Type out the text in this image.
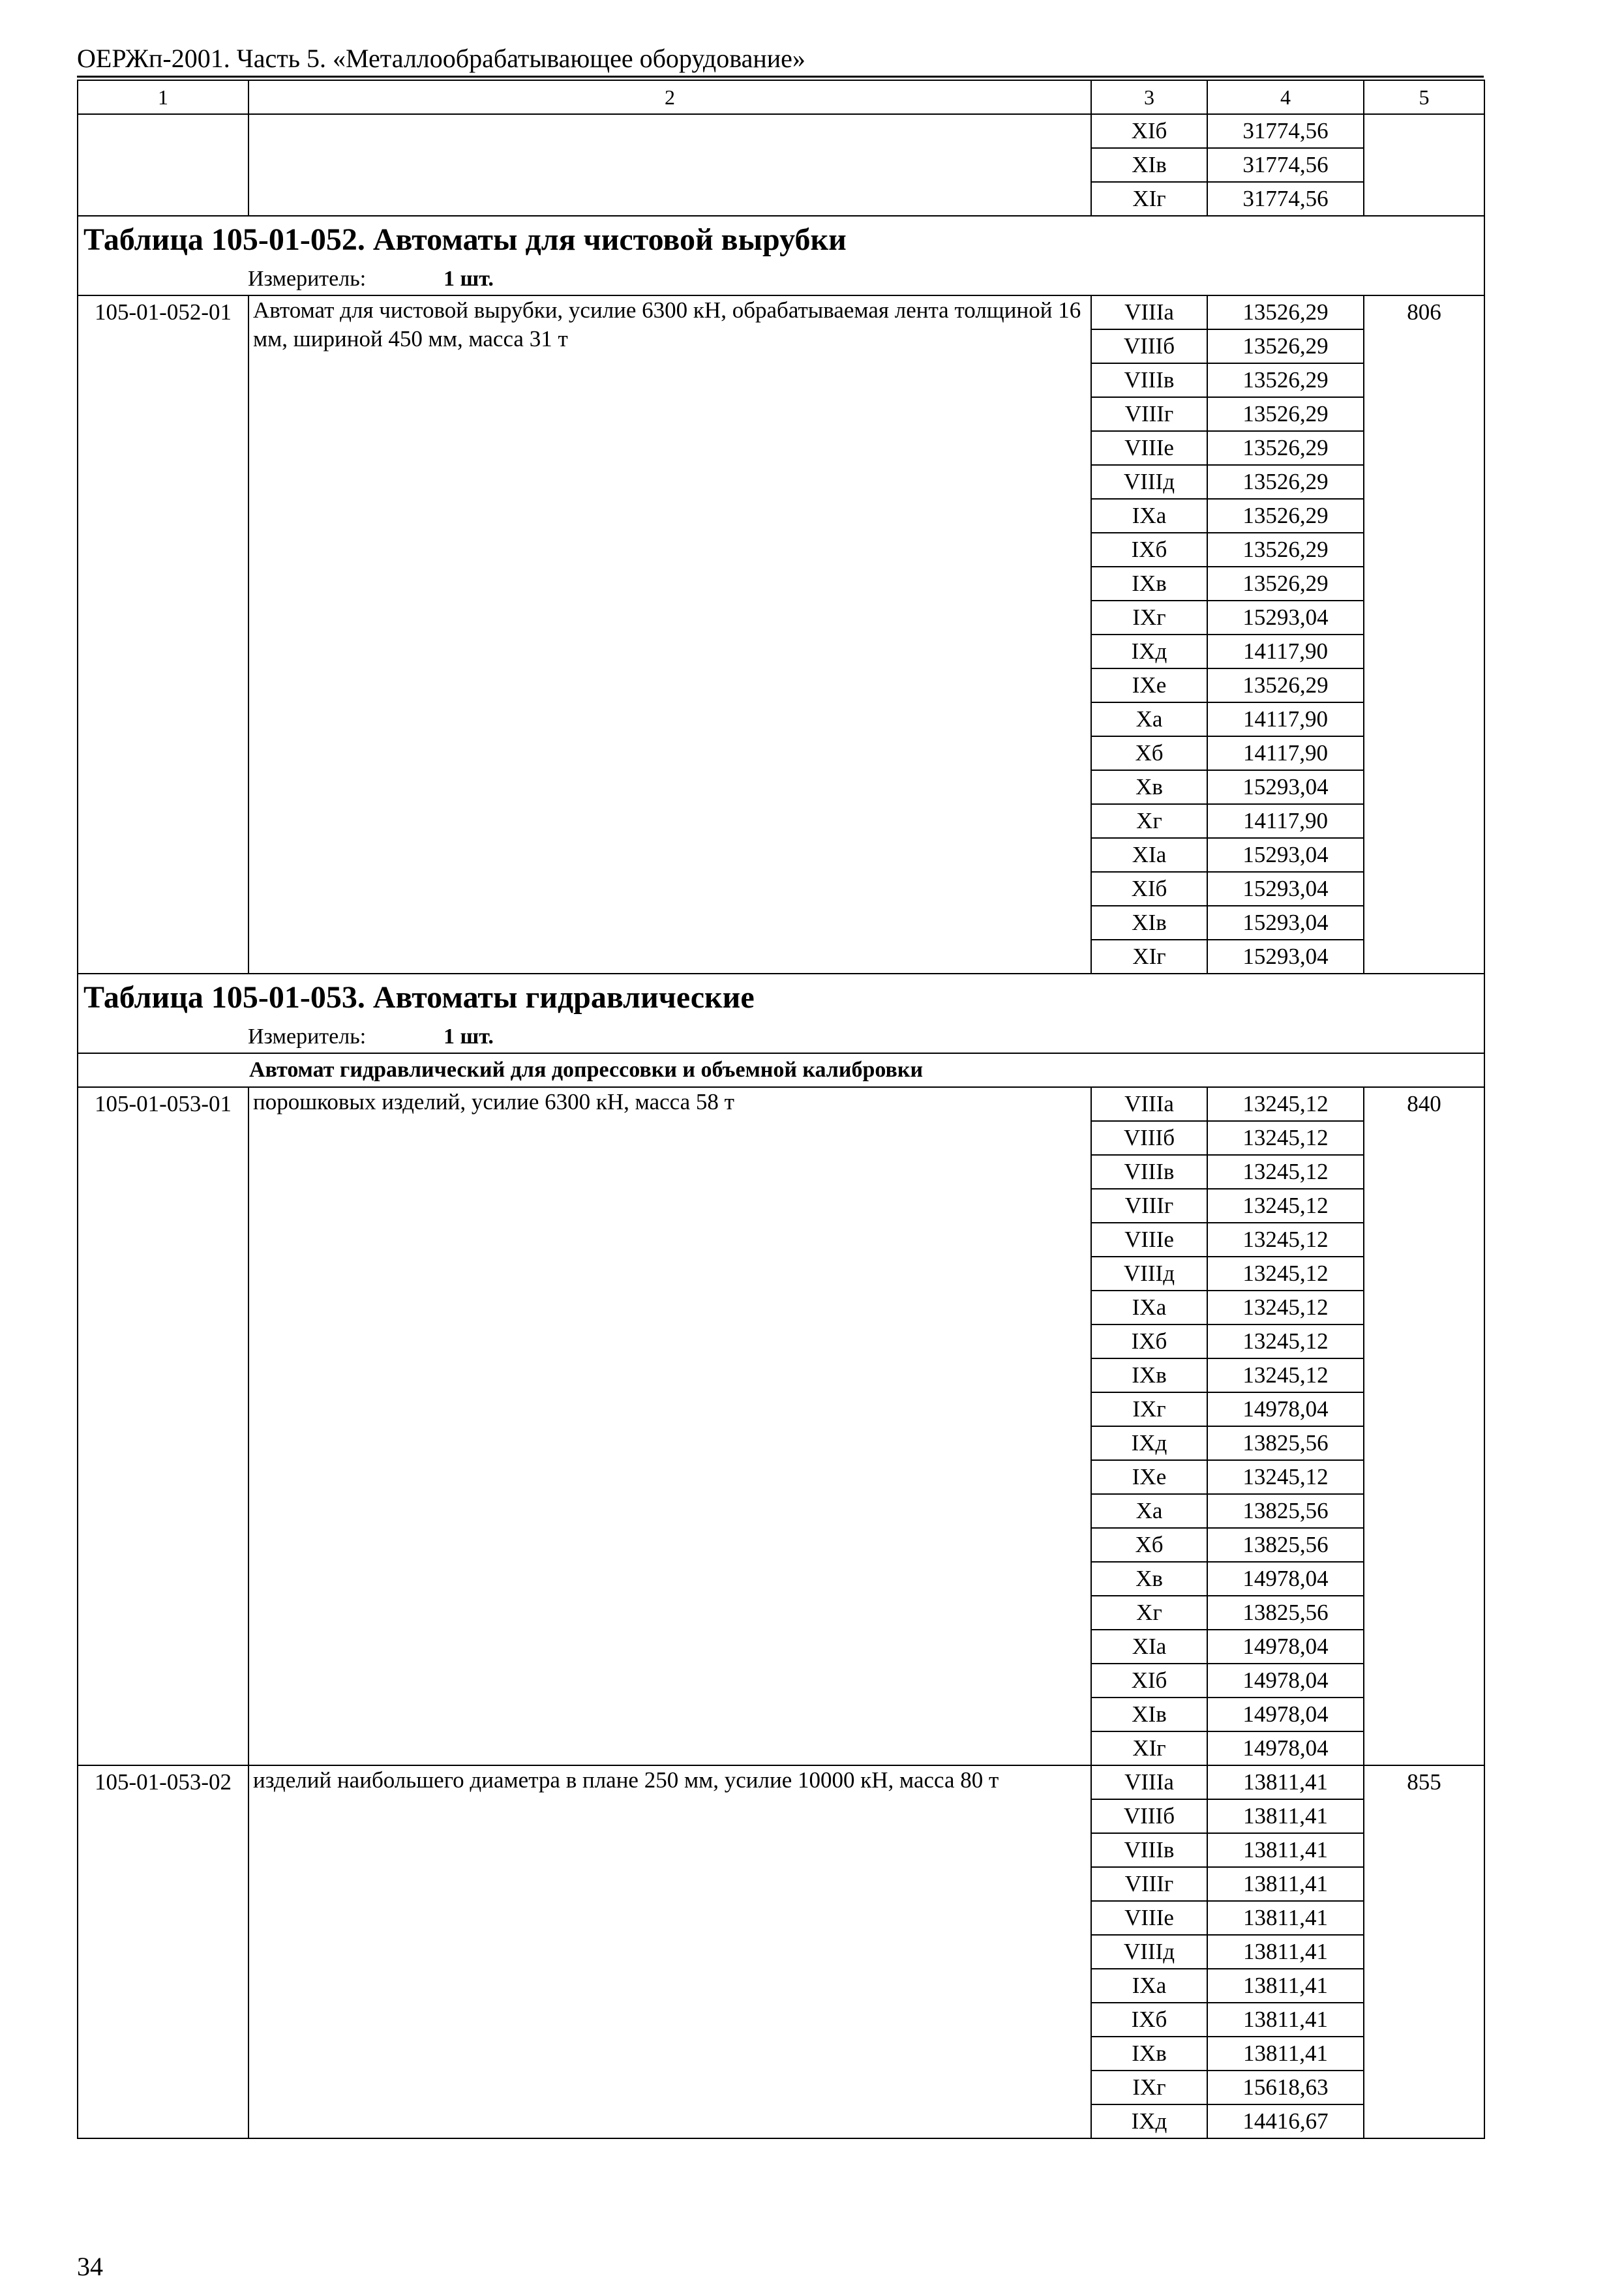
ОЕРЖп-2001. Часть 5. «Металлообрабатывающее оборудование»
1	2	3	4	5
		XIб	31774,56	
		XIв	31774,56	
		XIг	31774,56	
Таблица 105-01-052. Автоматы для чистовой вырубки				
Измеритель: 1 шт.				
105-01-052-01	Автомат для чистовой вырубки, усилие 6300 кН, обрабатываемая лента толщиной 16 мм, шириной 450 мм, масса 31 т	VIIIа	13526,29	806
		VIIIб	13526,29	
		VIIIв	13526,29	
		VIIIг	13526,29	
		VIIIе	13526,29	
		VIIIд	13526,29	
		IXа	13526,29	
		IXб	13526,29	
		IXв	13526,29	
		IXг	15293,04	
		IXд	14117,90	
		IXе	13526,29	
		Xа	14117,90	
		Xб	14117,90	
		Xв	15293,04	
		Xг	14117,90	
		XIа	15293,04	
		XIб	15293,04	
		XIв	15293,04	
		XIг	15293,04	
Таблица 105-01-053. Автоматы гидравлические				
Измеритель: 1 шт.				
Автомат гидравлический для допрессовки и объемной калибровки				
105-01-053-01	порошковых изделий, усилие 6300 кН, масса 58 т	VIIIа	13245,12	840
		VIIIб	13245,12	
		VIIIв	13245,12	
		VIIIг	13245,12	
		VIIIе	13245,12	
		VIIIд	13245,12	
		IXа	13245,12	
		IXб	13245,12	
		IXв	13245,12	
		IXг	14978,04	
		IXд	13825,56	
		IXе	13245,12	
		Xа	13825,56	
		Xб	13825,56	
		Xв	14978,04	
		Xг	13825,56	
		XIа	14978,04	
		XIб	14978,04	
		XIв	14978,04	
		XIг	14978,04	
105-01-053-02	изделий наибольшего диаметра в плане 250 мм, усилие 10000 кН, масса 80 т	VIIIа	13811,41	855
		VIIIб	13811,41	
		VIIIв	13811,41	
		VIIIг	13811,41	
		VIIIе	13811,41	
		VIIIд	13811,41	
		IXа	13811,41	
		IXб	13811,41	
		IXв	13811,41	
		IXг	15618,63	
		IXд	14416,67	
34
